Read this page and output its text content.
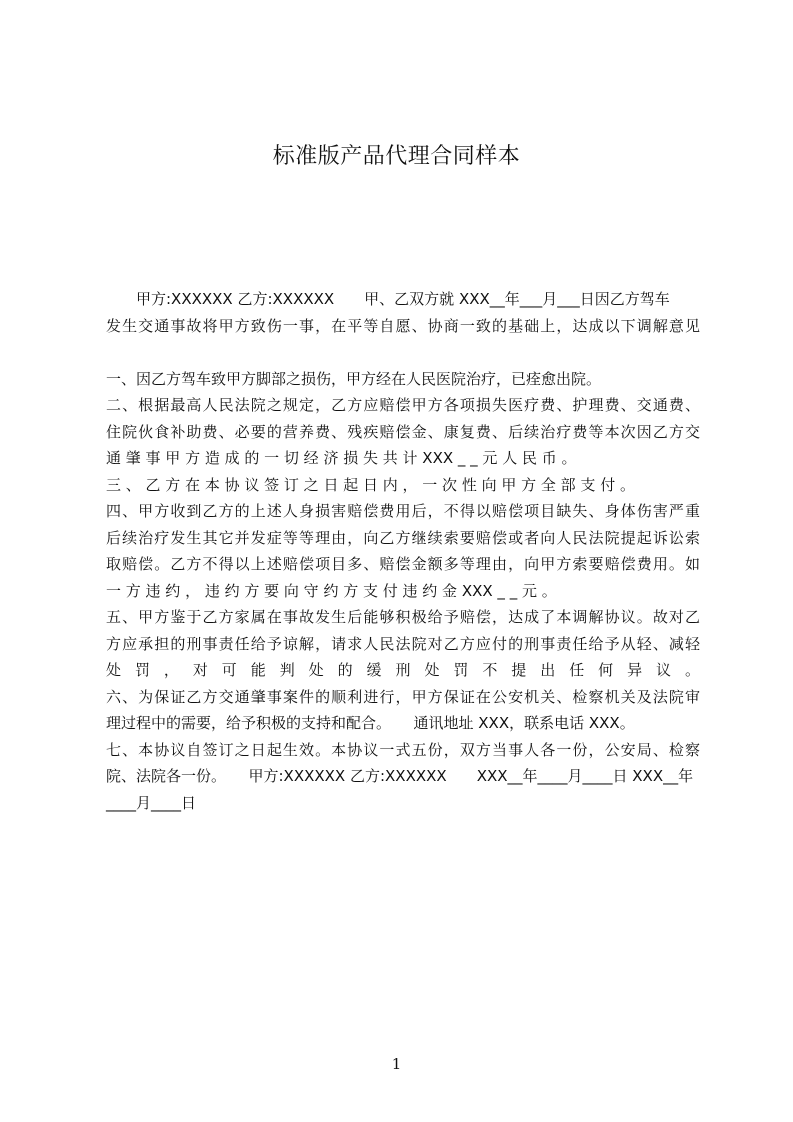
标准版产品代理合同样本
　　甲方:XXXXXX 乙方:XXXXXX　　甲、乙双方就 XXX__年___月___日因乙方驾车
发生交通事故将甲方致伤一事，在平等自愿、协商一致的基础上，达成以下调解意见
一、因乙方驾车致甲方脚部之损伤，甲方经在人民医院治疗，已痊愈出院。
二、根据最高人民法院之规定，乙方应赔偿甲方各项损失医疗费、护理费、交通费、
住院伙食补助费、必要的营养费、残疾赔偿金、康复费、后续治疗费等本次因乙方交
通 肇 事 甲 方 造 成 的 一 切 经 济 损 失 共 计 XXX _ _ 元 人 民 币 。
三 、 乙 方 在 本 协 议 签 订 之 日 起 日 内 ， 一 次 性 向 甲 方 全 部 支 付 。
四、甲方收到乙方的上述人身损害赔偿费用后，不得以赔偿项目缺失、身体伤害严重
后续治疗发生其它并发症等等理由，向乙方继续索要赔偿或者向人民法院提起诉讼索
取赔偿。乙方不得以上述赔偿项目多、赔偿金额多等理由，向甲方索要赔偿费用。如
一 方 违 约 ， 违 约 方 要 向 守 约 方 支 付 违 约 金 XXX _ _ 元 。
五、甲方鉴于乙方家属在事故发生后能够积极给予赔偿，达成了本调解协议。故对乙
方应承担的刑事责任给予谅解，请求人民法院对乙方应付的刑事责任给予从轻、减轻
处 罚 ， 对 可 能 判 处 的 缓 刑 处 罚 不 提 出 任 何 异 议 。
六、为保证乙方交通肇事案件的顺利进行，甲方保证在公安机关、检察机关及法院审
理过程中的需要，给予积极的支持和配合。　　通讯地址 XXX，联系电话 XXX。
七、本协议自签订之日起生效。本协议一式五份，双方当事人各一份，公安局、检察
院、法院各一份。　　甲方:XXXXXX 乙方:XXXXXX　　XXX__年____月____日 XXX__年
____月____日
1
